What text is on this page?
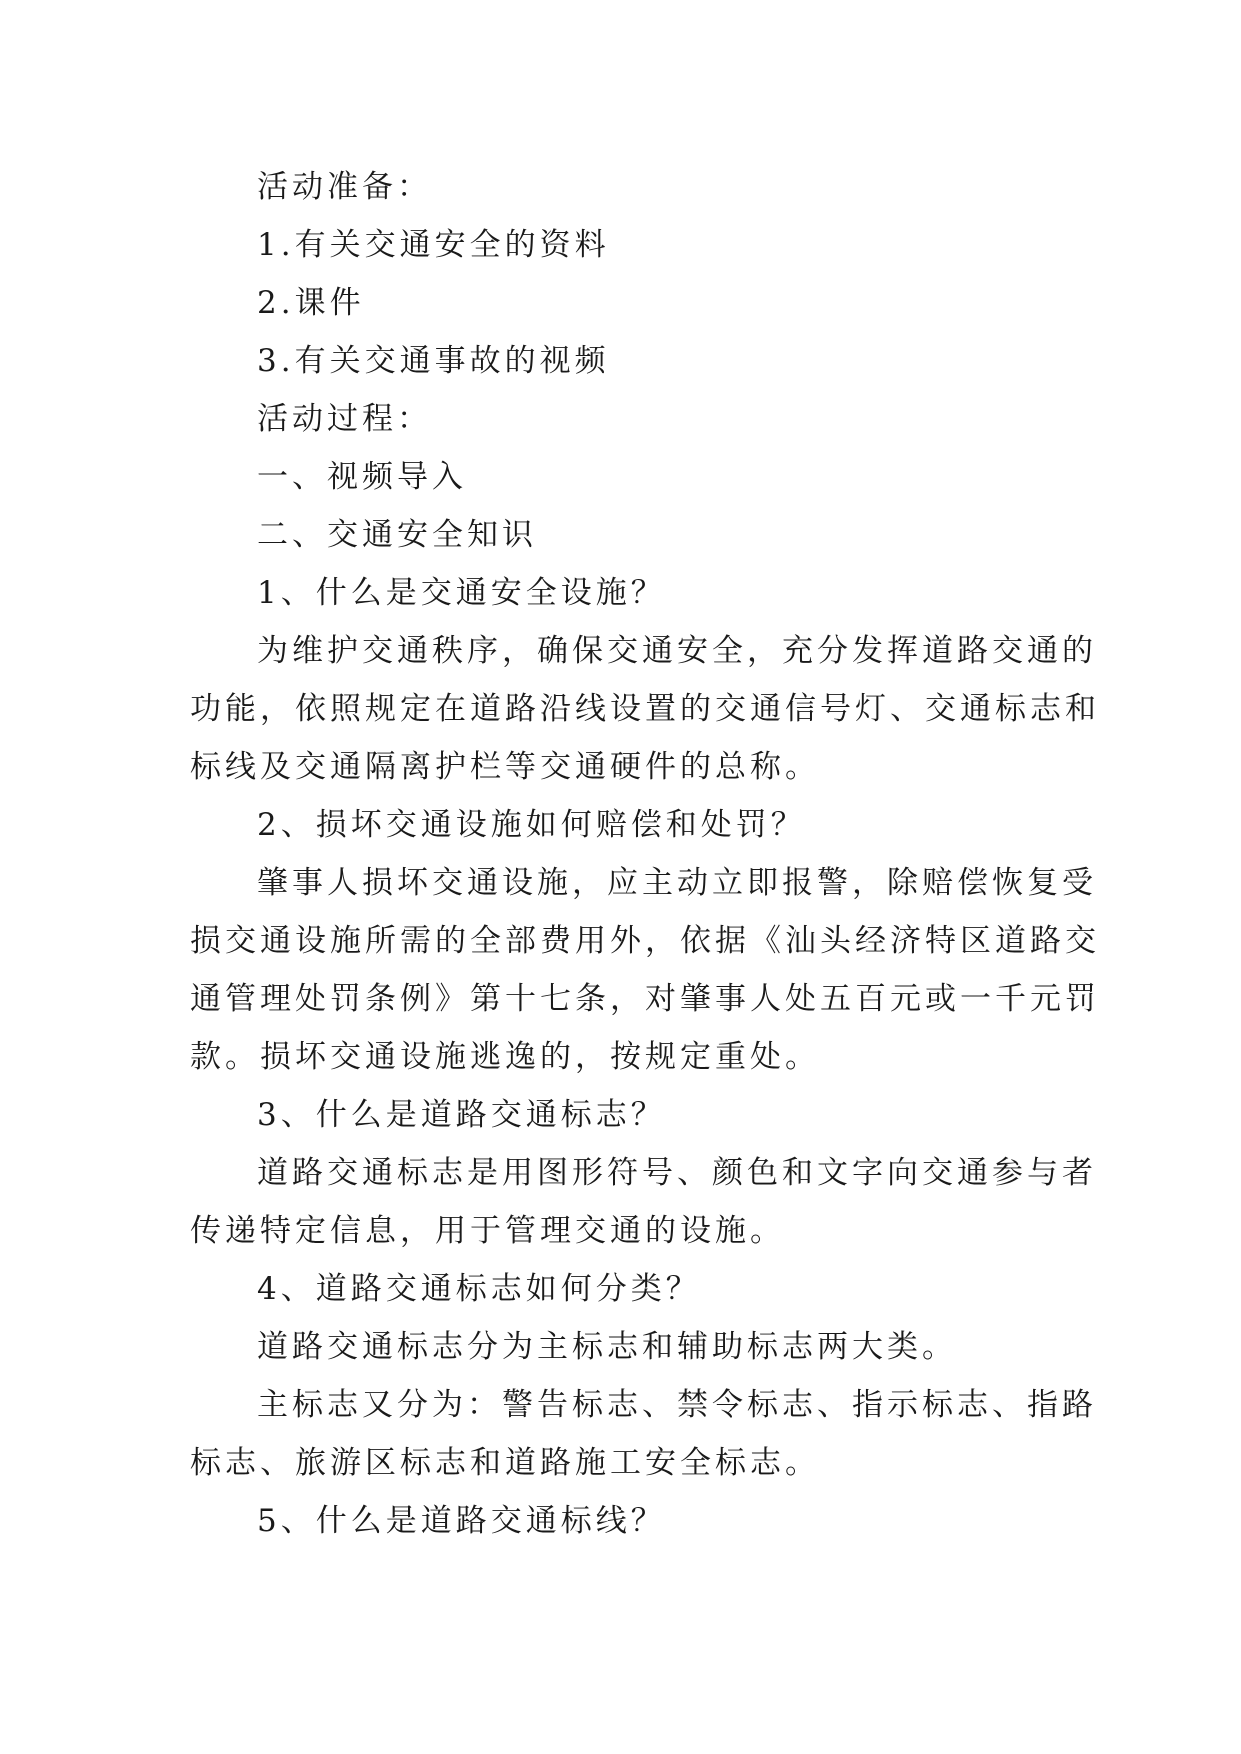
活动准备：
1.有关交通安全的资料
2.课件
3.有关交通事故的视频
活动过程：
一、视频导入
二、交通安全知识
1、什么是交通安全设施？
为维护交通秩序，确保交通安全，充分发挥道路交通的
功能，依照规定在道路沿线设置的交通信号灯、交通标志和
标线及交通隔离护栏等交通硬件的总称。
2、损坏交通设施如何赔偿和处罚？
肇事人损坏交通设施，应主动立即报警，除赔偿恢复受
损交通设施所需的全部费用外，依据《汕头经济特区道路交
通管理处罚条例》第十七条，对肇事人处五百元或一千元罚
款。损坏交通设施逃逸的，按规定重处。
3、什么是道路交通标志？
道路交通标志是用图形符号、颜色和文字向交通参与者
传递特定信息，用于管理交通的设施。
4、道路交通标志如何分类？
道路交通标志分为主标志和辅助标志两大类。
主标志又分为：警告标志、禁令标志、指示标志、指路
标志、旅游区标志和道路施工安全标志。
5、什么是道路交通标线？
